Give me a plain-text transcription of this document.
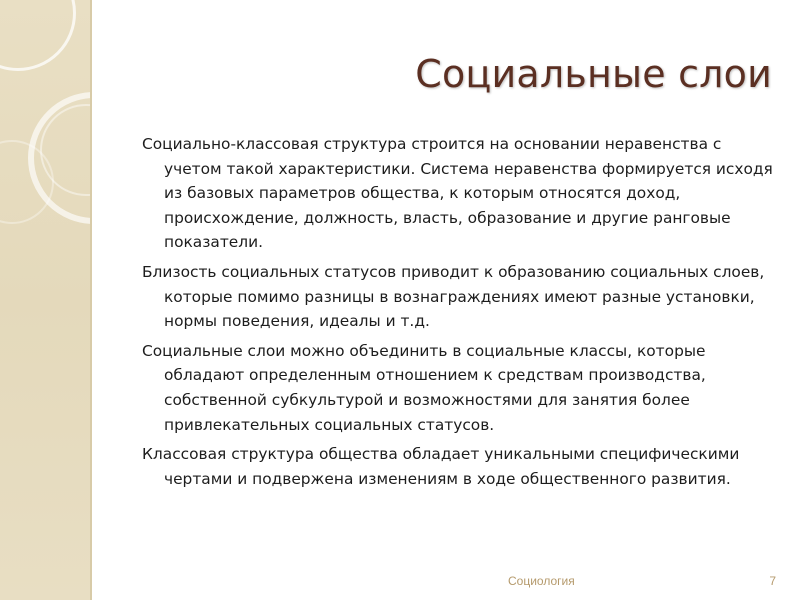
Социальные слои

Социально-классовая структура строится на основании неравенства с учетом такой характеристики. Система неравенства формируется исходя из базовых параметров общества, к которым относятся доход, происхождение, должность, власть, образование и другие ранговые показатели.

Близость социальных статусов приводит к образованию социальных слоев, которые помимо разницы в вознаграждениях имеют разные установки, нормы поведения, идеалы и т.д.

Социальные слои можно объединить в социальные классы, которые обладают определенным отношением к средствам производства, собственной субкультурой и возможностями для занятия более привлекательных социальных статусов.

Классовая структура общества обладает уникальными специфическими чертами и подвержена изменениям в ходе общественного развития.

Социология	7
